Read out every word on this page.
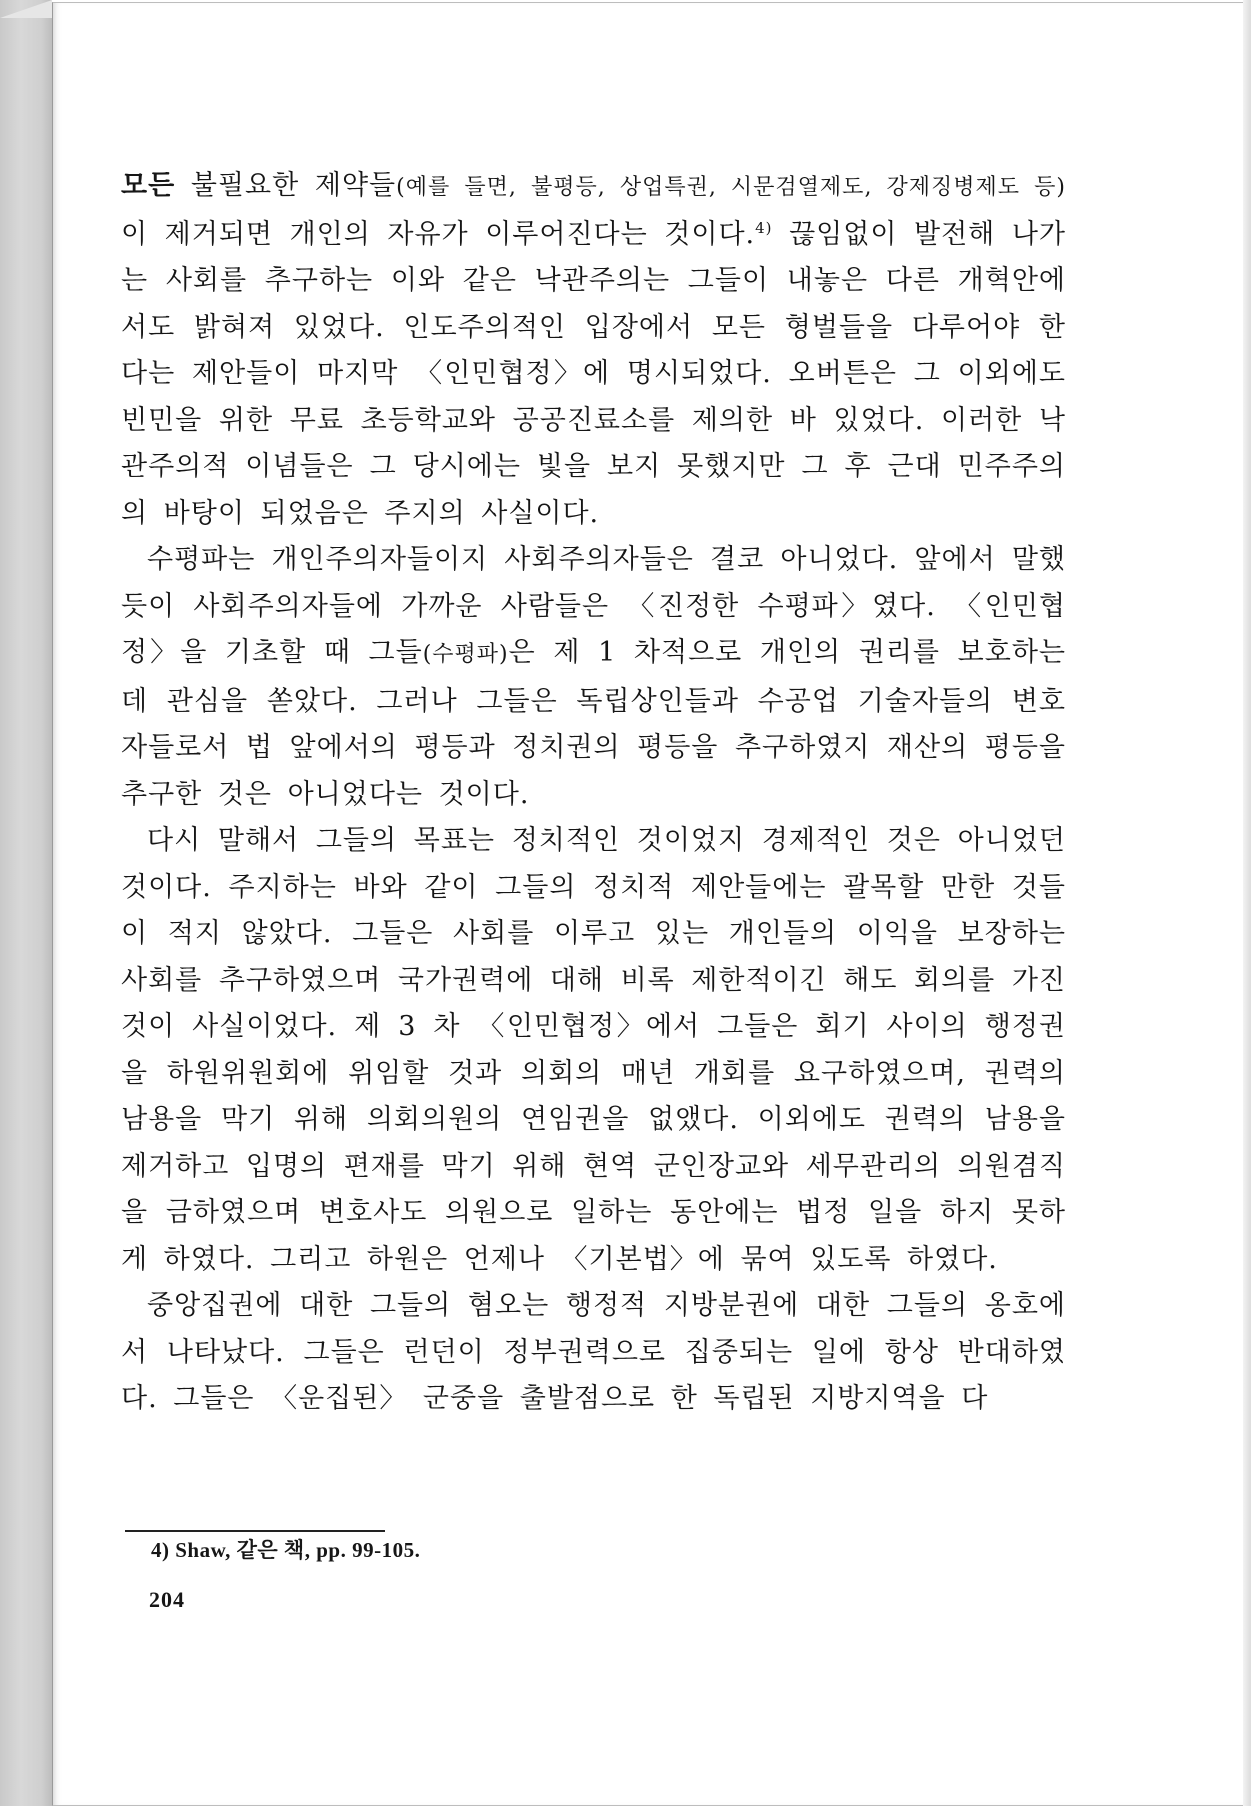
모든 불필요한 제약들(예를 들면, 불평등, 상업특권, 시문검열제도, 강제징병제도 등)이 제거되면 개인의 자유가 이루어진다는 것이다.$^{4)}$ 끊임없이 발전해 나가는 사회를 추구하는 이와 같은 낙관주의는 그들이 내놓은 다른 개혁안에서도 밝혀져 있었다. 인도주의적인 입장에서 모든 형벌들을 다루어야 한다는 제안들이 마지막 〈인민협정〉에 명시되었다. 오버튼은 그 이외에도 빈민을 위한 무료 초등학교와 공공진료소를 제의한 바 있었다. 이러한 낙관주의적 이념들은 그 당시에는 빛을 보지 못했지만 그 후 근대 민주주의의 바탕이 되었음은 주지의 사실이다.

수평파는 개인주의자들이지 사회주의자들은 결코 아니었다. 앞에서 말했듯이 사회주의자들에 가까운 사람들은 〈진정한 수평파〉였다. 〈인민협정〉을 기초할 때 그들(수평파)은 제 1 차적으로 개인의 권리를 보호하는 데 관심을 쏟았다. 그러나 그들은 독립상인들과 수공업 기술자들의 변호자들로서 법 앞에서의 평등과 정치권의 평등을 추구하였지 재산의 평등을 추구한 것은 아니었다는 것이다.

다시 말해서 그들의 목표는 정치적인 것이었지 경제적인 것은 아니었던 것이다. 주지하는 바와 같이 그들의 정치적 제안들에는 괄목할 만한 것들이 적지 않았다. 그들은 사회를 이루고 있는 개인들의 이익을 보장하는 사회를 추구하였으며 국가권력에 대해 비록 제한적이긴 해도 회의를 가진 것이 사실이었다. 제 3 차 〈인민협정〉에서 그들은 회기 사이의 행정권을 하원위원회에 위임할 것과 의회의 매년 개회를 요구하였으며, 권력의 남용을 막기 위해 의회의원의 연임권을 없앴다. 이외에도 권력의 남용을 제거하고 입명의 편재를 막기 위해 현역 군인장교와 세무관리의 의원겸직을 금하였으며 변호사도 의원으로 일하는 동안에는 법정 일을 하지 못하게 하였다. 그리고 하원은 언제나 〈기본법〉에 묶여 있도록 하였다.

중앙집권에 대한 그들의 혐오는 행정적 지방분권에 대한 그들의 옹호에서 나타났다. 그들은 런던이 정부권력으로 집중되는 일에 항상 반대하였다. 그들은 〈운집된〉 군중을 출발점으로 한 독립된 지방지역을 다

4) Shaw, 같은 책, pp. 99-105.
204
